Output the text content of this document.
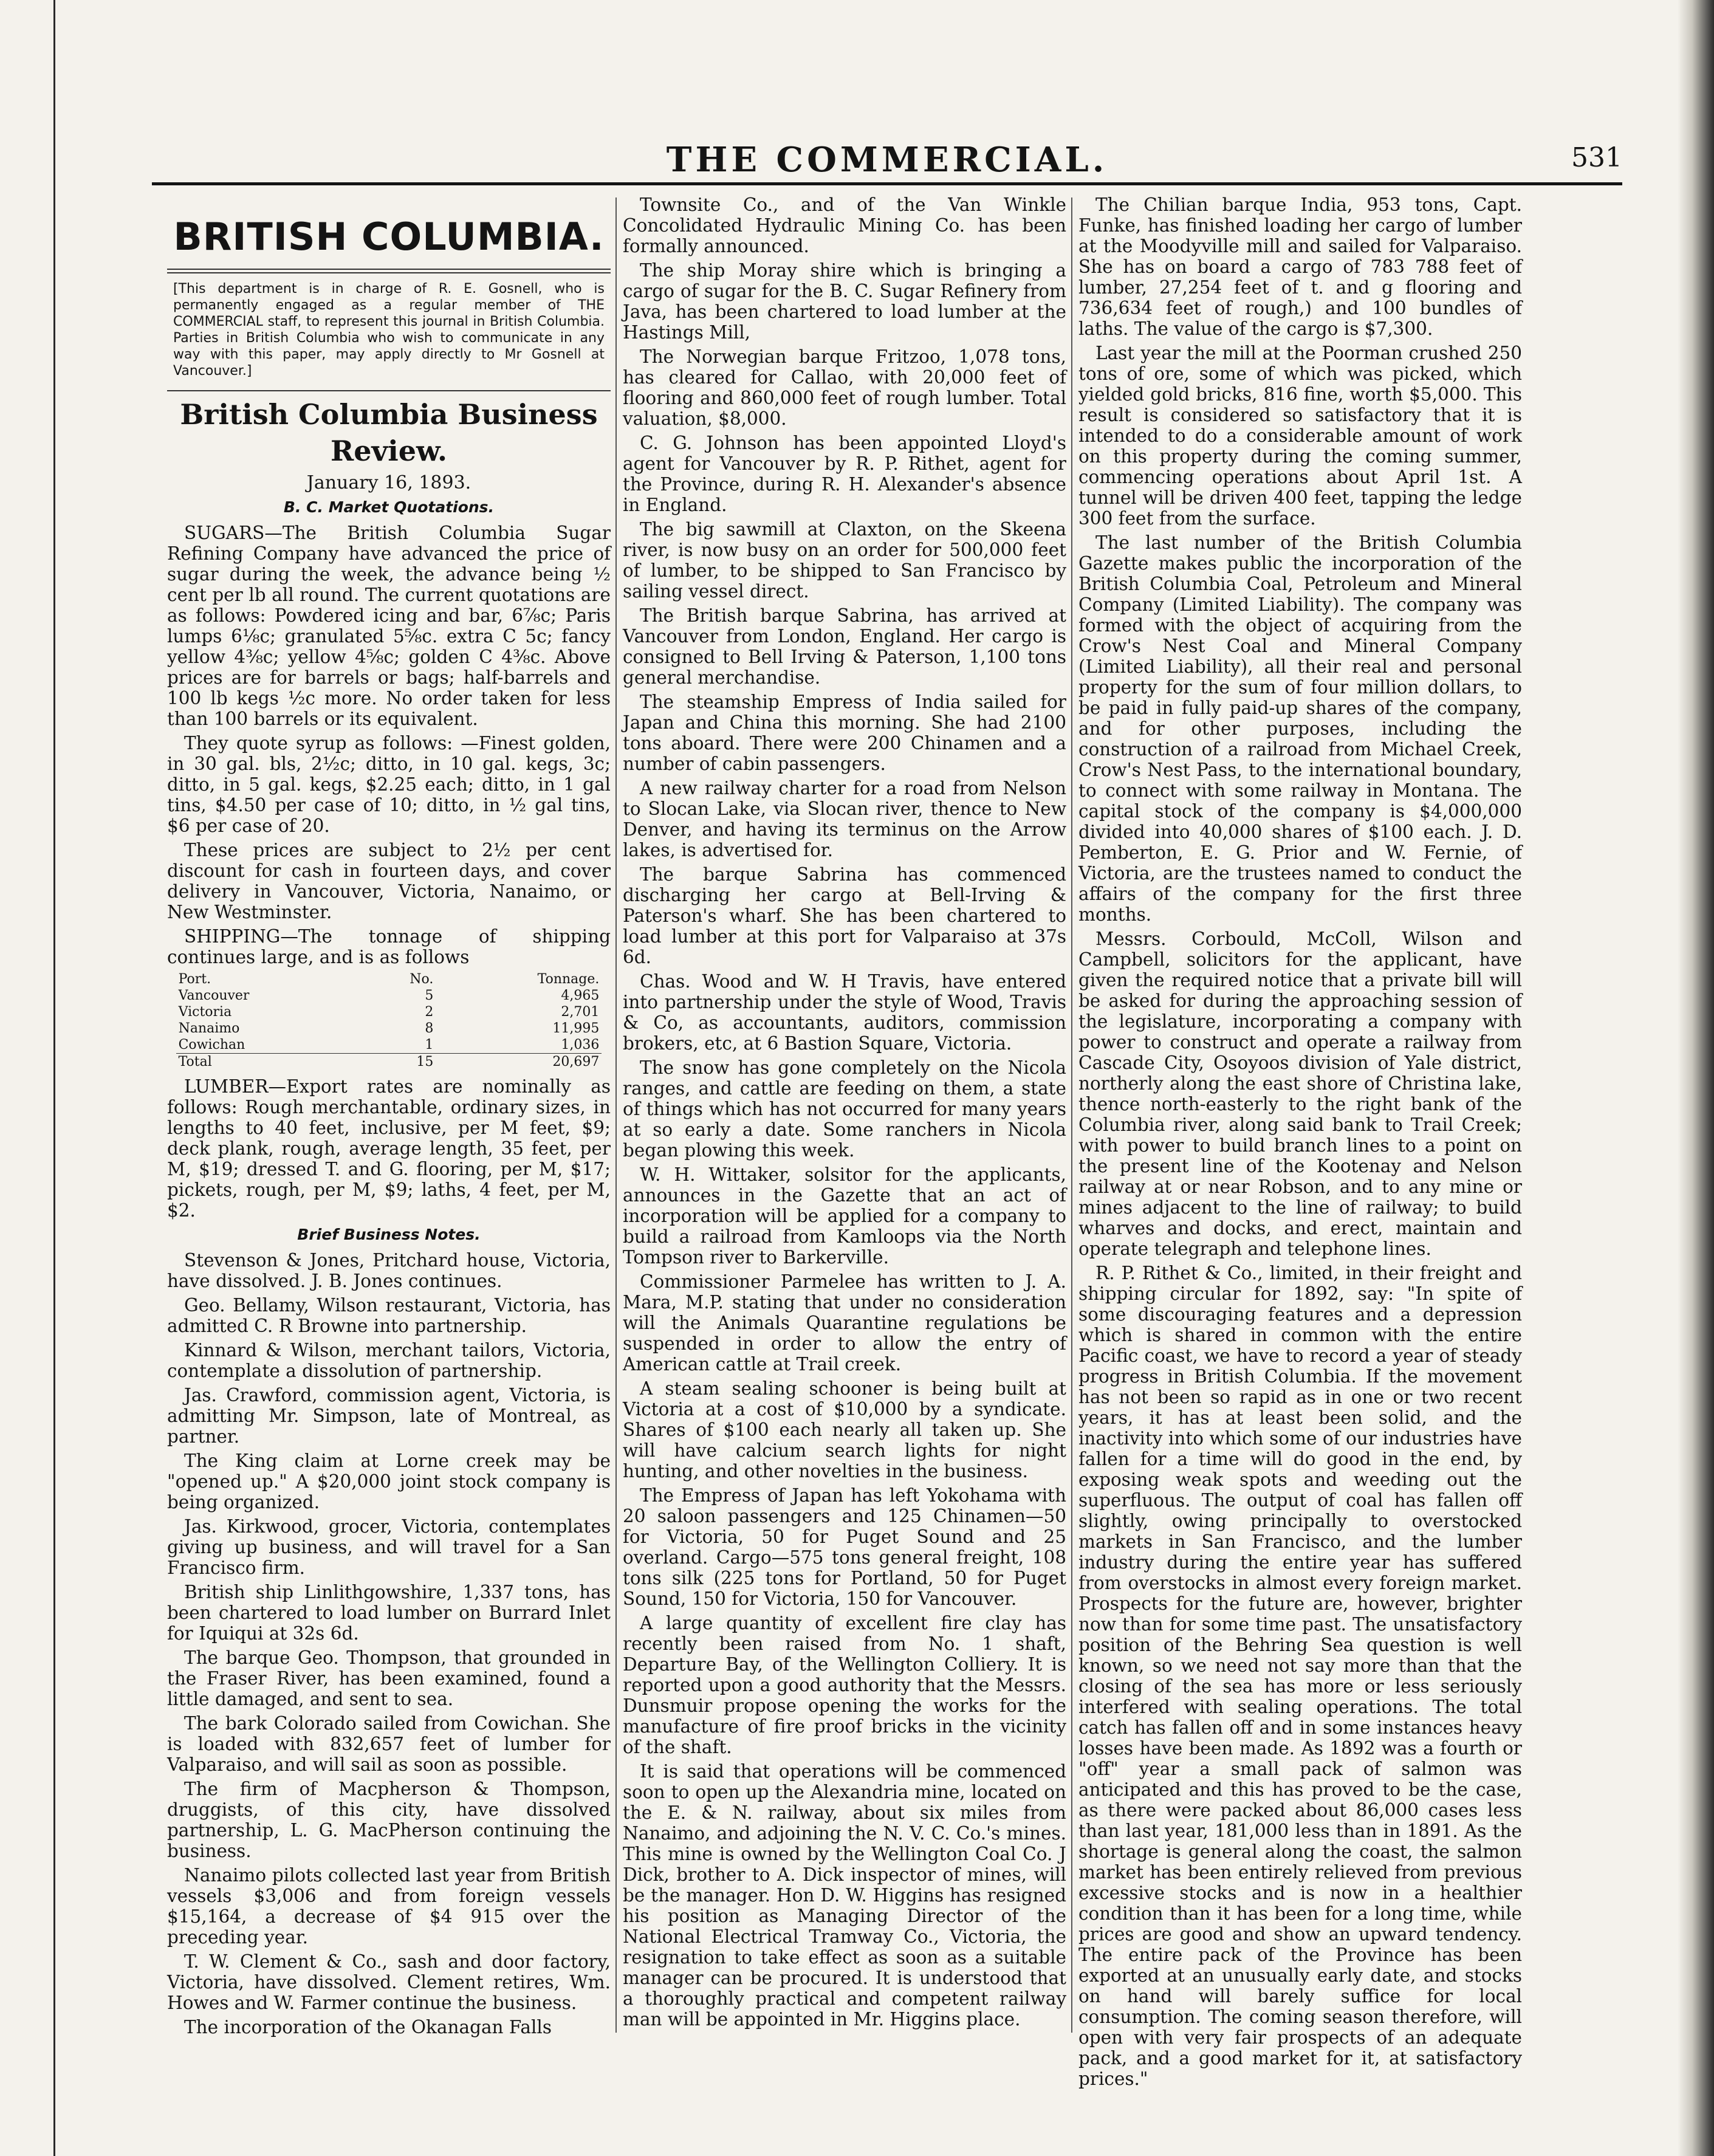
THE COMMERCIAL.	531
BRITISH COLUMBIA.

[This department is in charge of R. E. Gosnell, who is permanently engaged as a regular member of THE COMMERCIAL staff, to represent this journal in British Columbia. Parties in British Columbia who wish to communicate in any way with this paper, may apply directly to Mr Gosnell at Vancouver.]

British Columbia Business Review.

January 16, 1893.

B. C. Market Quotations.

SUGARS—The British Columbia Sugar Refining Company have advanced the price of sugar during the week, the advance being ½ cent per lb all round. The current quotations are as follows: Powdered icing and bar, 6⅞c; Paris lumps 6⅛c; granulated 5⅝c. extra C 5c; fancy yellow 4⅜c; yellow 4⅝c; golden C 4⅜c. Above prices are for barrels or bags; half-barrels and 100 lb kegs ½c more. No order taken for less than 100 barrels or its equivalent.

They quote syrup as follows: —Finest golden, in 30 gal. bls, 2½c; ditto, in 10 gal. kegs, 3c; ditto, in 5 gal. kegs, $2.25 each; ditto, in 1 gal tins, $4.50 per case of 10; ditto, in ½ gal tins, $6 per case of 20.

These prices are subject to 2½ per cent discount for cash in fourteen days, and cover delivery in Vancouver, Victoria, Nanaimo, or New Westminster.

SHIPPING—The tonnage of shipping continues large, and is as follows

Port.	No.	Tonnage.
Vancouver	5	4,965
Victoria	2	2,701
Nanaimo	8	11,995
Cowichan	1	1,036
Total	15	20,697

LUMBER—Export rates are nominally as follows: Rough merchantable, ordinary sizes, in lengths to 40 feet, inclusive, per M feet, $9; deck plank, rough, average length, 35 feet, per M, $19; dressed T. and G. flooring, per M, $17; pickets, rough, per M, $9; laths, 4 feet, per M, $2.

Brief Business Notes.

Stevenson & Jones, Pritchard house, Victoria, have dissolved. J. B. Jones continues.

Geo. Bellamy, Wilson restaurant, Victoria, has admitted C. R Browne into partnership.

Kinnard & Wilson, merchant tailors, Victoria, contemplate a dissolution of partnership.

Jas. Crawford, commission agent, Victoria, is admitting Mr. Simpson, late of Montreal, as partner.

The King claim at Lorne creek may be "opened up." A $20,000 joint stock company is being organized.

Jas. Kirkwood, grocer, Victoria, contemplates giving up business, and will travel for a San Francisco firm.

British ship Linlithgowshire, 1,337 tons, has been chartered to load lumber on Burrard Inlet for Iquiqui at 32s 6d.

The barque Geo. Thompson, that grounded in the Fraser River, has been examined, found a little damaged, and sent to sea.

The bark Colorado sailed from Cowichan. She is loaded with 832,657 feet of lumber for Valparaiso, and will sail as soon as possible.

The firm of Macpherson & Thompson, druggists, of this city, have dissolved partnership, L. G. MacPherson continuing the business.

Nanaimo pilots collected last year from British vessels $3,006 and from foreign vessels $15,164, a decrease of $4 915 over the preceding year.

T. W. Clement & Co., sash and door factory, Victoria, have dissolved. Clement retires, Wm. Howes and W. Farmer continue the business.

The incorporation of the Okanagan Falls

Townsite Co., and of the Van Winkle Concolidated Hydraulic Mining Co. has been formally announced.

The ship Moray shire which is bringing a cargo of sugar for the B. C. Sugar Refinery from Java, has been chartered to load lumber at the Hastings Mill,

The Norwegian barque Fritzoo, 1,078 tons, has cleared for Callao, with 20,000 feet of flooring and 860,000 feet of rough lumber. Total valuation, $8,000.

C. G. Johnson has been appointed Lloyd's agent for Vancouver by R. P. Rithet, agent for the Province, during R. H. Alexander's absence in England.

The big sawmill at Claxton, on the Skeena river, is now busy on an order for 500,000 feet of lumber, to be shipped to San Francisco by sailing vessel direct.

The British barque Sabrina, has arrived at Vancouver from London, England. Her cargo is consigned to Bell Irving & Paterson, 1,100 tons general merchandise.

The steamship Empress of India sailed for Japan and China this morning. She had 2100 tons aboard. There were 200 Chinamen and a number of cabin passengers.

A new railway charter for a road from Nelson to Slocan Lake, via Slocan river, thence to New Denver, and having its terminus on the Arrow lakes, is advertised for.

The barque Sabrina has commenced discharging her cargo at Bell-Irving & Paterson's wharf. She has been chartered to load lumber at this port for Valparaiso at 37s 6d.

Chas. Wood and W. H Travis, have entered into partnership under the style of Wood, Travis & Co, as accountants, auditors, commission brokers, etc, at 6 Bastion Square, Victoria.

The snow has gone completely on the Nicola ranges, and cattle are feeding on them, a state of things which has not occurred for many years at so early a date. Some ranchers in Nicola began plowing this week.

W. H. Wittaker, solsitor for the applicants, announces in the Gazette that an act of incorporation will be applied for a company to build a railroad from Kamloops via the North Tompson river to Barkerville.

Commissioner Parmelee has written to J. A. Mara, M.P. stating that under no consideration will the Animals Quarantine regulations be suspended in order to allow the entry of American cattle at Trail creek.

A steam sealing schooner is being built at Victoria at a cost of $10,000 by a syndicate. Shares of $100 each nearly all taken up. She will have calcium search lights for night hunting, and other novelties in the business.

The Empress of Japan has left Yokohama with 20 saloon passengers and 125 Chinamen—50 for Victoria, 50 for Puget Sound and 25 overland. Cargo—575 tons general freight, 108 tons silk (225 tons for Portland, 50 for Puget Sound, 150 for Victoria, 150 for Vancouver.

A large quantity of excellent fire clay has recently been raised from No. 1 shaft, Departure Bay, of the Wellington Colliery. It is reported upon a good authority that the Messrs. Dunsmuir propose opening the works for the manufacture of fire proof bricks in the vicinity of the shaft.

It is said that operations will be commenced soon to open up the Alexandria mine, located on the E. & N. railway, about six miles from Nanaimo, and adjoining the N. V. C. Co.'s mines. This mine is owned by the Wellington Coal Co. J Dick, brother to A. Dick inspector of mines, will be the manager. Hon D. W. Higgins has resigned his position as Managing Director of the National Electrical Tramway Co., Victoria, the resignation to take effect as soon as a suitable manager can be procured. It is understood that a thoroughly practical and competent railway man will be appointed in Mr. Higgins place.

The Chilian barque India, 953 tons, Capt. Funke, has finished loading her cargo of lumber at the Moodyville mill and sailed for Valparaiso. She has on board a cargo of 783 788 feet of lumber, 27,254 feet of t. and g flooring and 736,634 feet of rough,) and 100 bundles of laths. The value of the cargo is $7,300.

Last year the mill at the Poorman crushed 250 tons of ore, some of which was picked, which yielded gold bricks, 816 fine, worth $5,000. This result is considered so satisfactory that it is intended to do a considerable amount of work on this property during the coming summer, commencing operations about April 1st. A tunnel will be driven 400 feet, tapping the ledge 300 feet from the surface.

The last number of the British Columbia Gazette makes public the incorporation of the British Columbia Coal, Petroleum and Mineral Company (Limited Liability). The company was formed with the object of acquiring from the Crow's Nest Coal and Mineral Company (Limited Liability), all their real and personal property for the sum of four million dollars, to be paid in fully paid-up shares of the company, and for other purposes, including the construction of a railroad from Michael Creek, Crow's Nest Pass, to the international boundary, to connect with some railway in Montana. The capital stock of the company is $4,000,000 divided into 40,000 shares of $100 each. J. D. Pemberton, E. G. Prior and W. Fernie, of Victoria, are the trustees named to conduct the affairs of the company for the first three months.

Messrs. Corbould, McColl, Wilson and Campbell, solicitors for the applicant, have given the required notice that a private bill will be asked for during the approaching session of the legislature, incorporating a company with power to construct and operate a railway from Cascade City, Osoyoos division of Yale district, northerly along the east shore of Christina lake, thence north-easterly to the right bank of the Columbia river, along said bank to Trail Creek; with power to build branch lines to a point on the present line of the Kootenay and Nelson railway at or near Robson, and to any mine or mines adjacent to the line of railway; to build wharves and docks, and erect, maintain and operate telegraph and telephone lines.

R. P. Rithet & Co., limited, in their freight and shipping circular for 1892, say: "In spite of some discouraging features and a depression which is shared in common with the entire Pacific coast, we have to record a year of steady progress in British Columbia. If the movement has not been so rapid as in one or two recent years, it has at least been solid, and the inactivity into which some of our industries have fallen for a time will do good in the end, by exposing weak spots and weeding out the superfluous. The output of coal has fallen off slightly, owing principally to overstocked markets in San Francisco, and the lumber industry during the entire year has suffered from overstocks in almost every foreign market. Prospects for the future are, however, brighter now than for some time past. The unsatisfactory position of the Behring Sea question is well known, so we need not say more than that the closing of the sea has more or less seriously interfered with sealing operations. The total catch has fallen off and in some instances heavy losses have been made. As 1892 was a fourth or "off" year a small pack of salmon was anticipated and this has proved to be the case, as there were packed about 86,000 cases less than last year, 181,000 less than in 1891. As the shortage is general along the coast, the salmon market has been entirely relieved from previous excessive stocks and is now in a healthier condition than it has been for a long time, while prices are good and show an upward tendency. The entire pack of the Province has been exported at an unusually early date, and stocks on hand will barely suffice for local consumption. The coming season therefore, will open with very fair prospects of an adequate pack, and a good market for it, at satisfactory prices."
